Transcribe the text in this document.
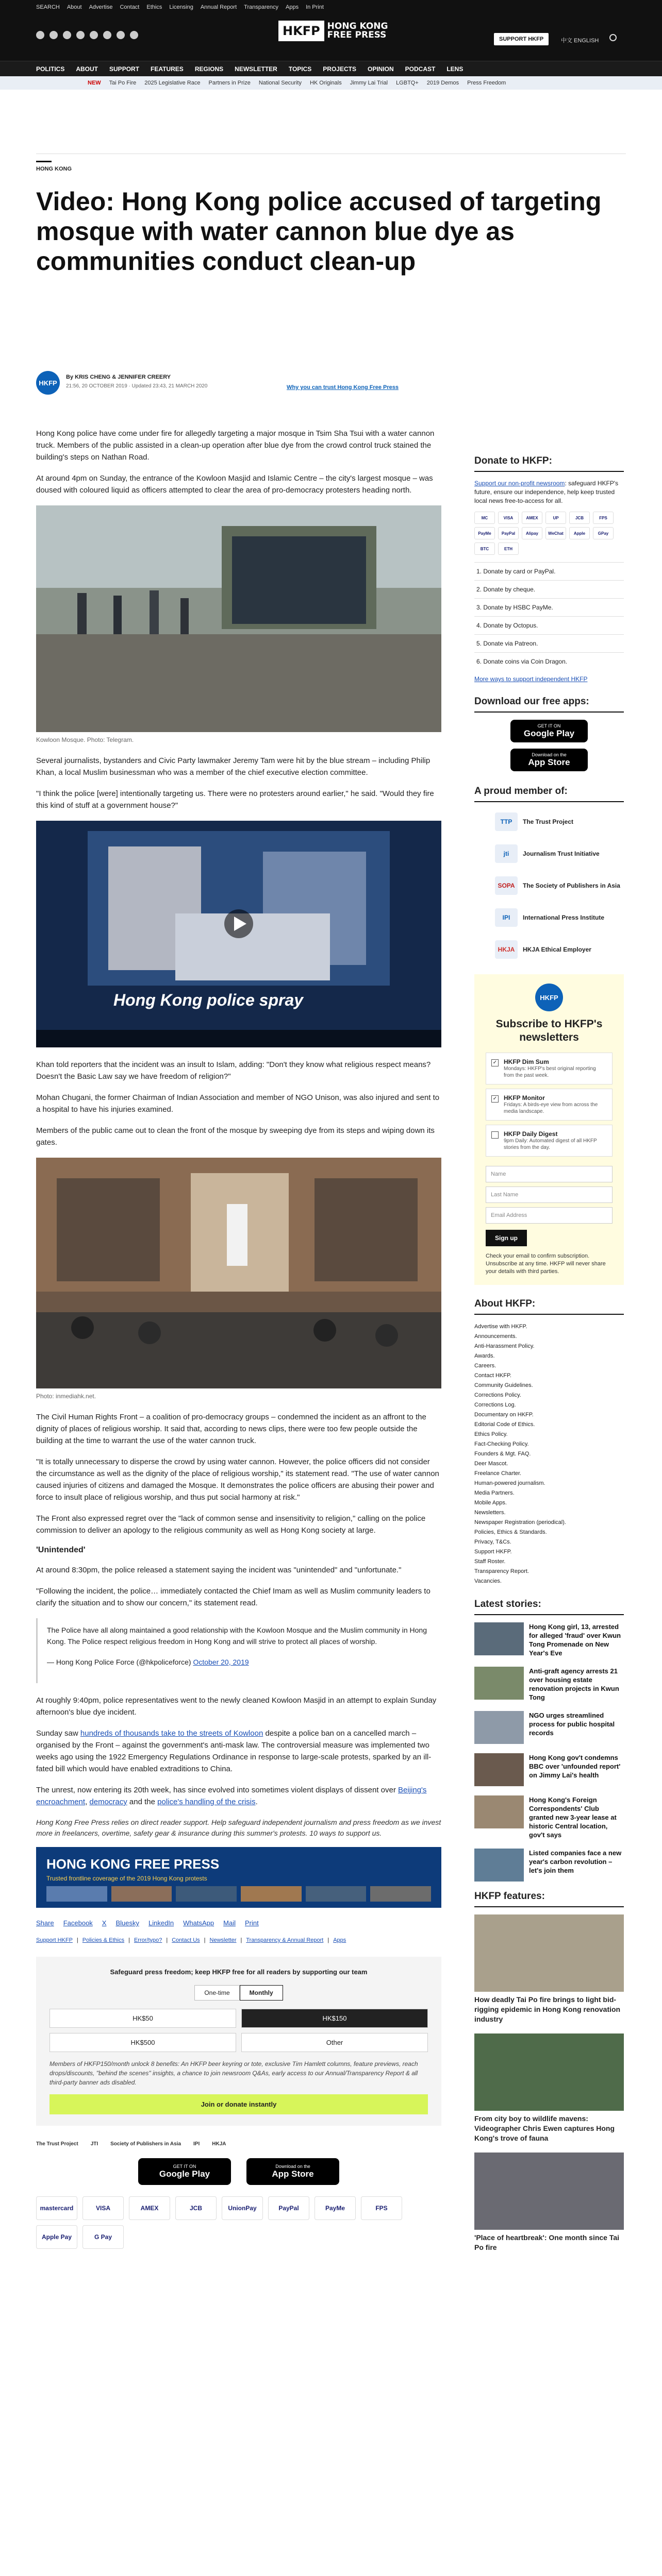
SEARCH About Advertise Contact Ethics Licensing Annual Report Transparency Apps In Print
HKFP HONG KONG
FREE PRESS	SUPPORT HKFP	中文 ENGLISH
POLITICS ABOUT SUPPORT FEATURES REGIONS NEWSLETTER TOPICS PROJECTS OPINION PODCAST LENS
NEW Tai Po Fire 2025 Legislative Race Partners in Prize National Security HK Originals Jimmy Lai Trial LGBTQ+ 2019 Demos Press Freedom
HONG KONG
Video: Hong Kong police accused of targeting mosque with water cannon blue dye as communities conduct clean-up
HKFP
By KRIS CHENG & JENNIFER CREERY
21:56, 20 OCTOBER 2019 · Updated 23:43, 21 MARCH 2020	Why you can trust Hong Kong Free Press

Hong Kong police have come under fire for allegedly targeting a major mosque in Tsim Sha Tsui with a water cannon truck. Members of the public assisted in a clean-up operation after blue dye from the crowd control truck stained the building's steps on Nathan Road.

At around 4pm on Sunday, the entrance of the Kowloon Masjid and Islamic Centre – the city's largest mosque – was doused with coloured liquid as officers attempted to clear the area of pro-democracy protesters heading north.

Kowloon Mosque. Photo: Telegram.

Several journalists, bystanders and Civic Party lawmaker Jeremy Tam were hit by the blue stream – including Philip Khan, a local Muslim businessman who was a member of the chief executive election committee.

"I think the police [were] intentionally targeting us. There were no protesters around earlier," he said. "Would they fire this kind of stuff at a government house?"

Hong Kong police spray

Khan told reporters that the incident was an insult to Islam, adding: "Don't they know what religious respect means? Doesn't the Basic Law say we have freedom of religion?"

Mohan Chugani, the former Chairman of Indian Association and member of NGO Unison, was also injured and sent to a hospital to have his injuries examined.

Members of the public came out to clean the front of the mosque by sweeping dye from its steps and wiping down its gates.

Photo: inmediahk.net.

The Civil Human Rights Front – a coalition of pro-democracy groups – condemned the incident as an affront to the dignity of places of religious worship. It said that, according to news clips, there were too few people outside the building at the time to warrant the use of the water cannon truck.

"It is totally unnecessary to disperse the crowd by using water cannon. However, the police officers did not consider the circumstance as well as the dignity of the place of religious worship," its statement read. "The use of water cannon caused injuries of citizens and damaged the Mosque. It demonstrates the police officers are abusing their power and force to insult place of religious worship, and thus put social harmony at risk."

The Front also expressed regret over the "lack of common sense and insensitivity to religion," calling on the police commission to deliver an apology to the religious community as well as Hong Kong society at large.

'Unintended'

At around 8:30pm, the police released a statement saying the incident was "unintended" and "unfortunate."

"Following the incident, the police… immediately contacted the Chief Imam as well as Muslim community leaders to clarify the situation and to show our concern," its statement read.

The Police have all along maintained a good relationship with the Kowloon Mosque and the Muslim community in Hong Kong. The Police respect religious freedom in Hong Kong and will strive to protect all places of worship.

— Hong Kong Police Force (@hkpoliceforce) October 20, 2019

At roughly 9:40pm, police representatives went to the newly cleaned Kowloon Masjid in an attempt to explain Sunday afternoon's blue dye incident.

Sunday saw hundreds of thousands take to the streets of Kowloon despite a police ban on a cancelled march – organised by the Front – against the government's anti-mask law. The controversial measure was implemented two weeks ago using the 1922 Emergency Regulations Ordinance in response to large-scale protests, sparked by an ill-fated bill which would have enabled extraditions to China.

The unrest, now entering its 20th week, has since evolved into sometimes violent displays of dissent over Beijing's encroachment, democracy and the police's handling of the crisis.

Hong Kong Free Press relies on direct reader support. Help safeguard independent journalism and press freedom as we invest more in freelancers, overtime, safety gear & insurance during this summer's protests. 10 ways to support us.
HONG KONG FREE PRESS
Trusted frontline coverage of the 2019 Hong Kong protests
Share Facebook X Bluesky LinkedIn WhatsApp Mail Print
Support HKFP | Policies & Ethics | Error/typo? | Contact Us | Newsletter | Transparency & Annual Report | Apps
Safeguard press freedom; keep HKFP free for all readers by supporting our team
One-time	Monthly
HK$50	HK$150
HK$500	Other
Members of HKFP150/month unlock 8 benefits: An HKFP beer keyring or tote, exclusive Tim Hamlett columns, feature previews, reach drops/discounts, "behind the scenes" insights, a chance to join newsroom Q&As, early access to our Annual/Transparency Report & all third-party banner ads disabled.
Join or donate instantly
The Trust Project JTI Society of Publishers in Asia IPI HKJA
GET IT ON
Google Play
Download on the
App Store
mastercard	VISA	AMEX	JCB	UnionPay	PayPal	PayMe	FPS
Apple Pay	G Pay
Donate to HKFP:
Support our non-profit newsroom: safeguard HKFP's future, ensure our independence, help keep trusted local news free-to-access for all.
MC	VISA	AMEX	UP	JCB	FPS
PayMe	PayPal	Alipay	WeChat	Apple	GPay
BTC	ETH
1. Donate by card or PayPal.
2. Donate by cheque.
3. Donate by HSBC PayMe.
4. Donate by Octopus.
5. Donate via Patreon.
6. Donate coins via Coin Dragon.
More ways to support independent HKFP
Download our free apps:
GET IT ON
Google Play
Download on the
App Store
A proud member of:
TTP	The Trust Project
jti	Journalism Trust Initiative
SOPA	The Society of Publishers in Asia
IPI	International Press Institute
HKJA	HKJA Ethical Employer
HKFP
Subscribe to HKFP's newsletters
✓ HKFP Dim Sum
Mondays: HKFP's best original reporting from the past week.
✓ HKFP Monitor
Fridays: A birds-eye view from across the media landscape.
HKFP Daily Digest
9pm Daily: Automated digest of all HKFP stories from the day.
Name
Last Name
Email Address
Sign up
Check your email to confirm subscription. Unsubscribe at any time. HKFP will never share your details with third parties.
About HKFP:
Advertise with HKFP.
Announcements.
Anti-Harassment Policy.
Awards.
Careers.
Contact HKFP.
Community Guidelines.
Corrections Policy.
Corrections Log.
Documentary on HKFP.
Editorial Code of Ethics.
Ethics Policy.
Fact-Checking Policy.
Founders & Mgt. FAQ.
Deer Mascot.
Freelance Charter.
Human-powered journalism.
Media Partners.
Mobile Apps.
Newsletters.
Newspaper Registration (periodical).
Policies, Ethics & Standards.
Privacy, T&Cs.
Support HKFP.
Staff Roster.
Transparency Report.
Vacancies.
Latest stories:
Hong Kong girl, 13, arrested for alleged 'fraud' over Kwun Tong Promenade on New Year's Eve
Anti-graft agency arrests 21 over housing estate renovation projects in Kwun Tong
NGO urges streamlined process for public hospital records
Hong Kong gov't condemns BBC over 'unfounded report' on Jimmy Lai's health
Hong Kong's Foreign Correspondents' Club granted new 3-year lease at historic Central location, gov't says
Listed companies face a new year's carbon revolution – let's join them
HKFP features:
How deadly Tai Po fire brings to light bid-rigging epidemic in Hong Kong renovation industry
From city boy to wildlife mavens: Videographer Chris Ewen captures Hong Kong's trove of fauna
'Place of heartbreak': One month since Tai Po fire
